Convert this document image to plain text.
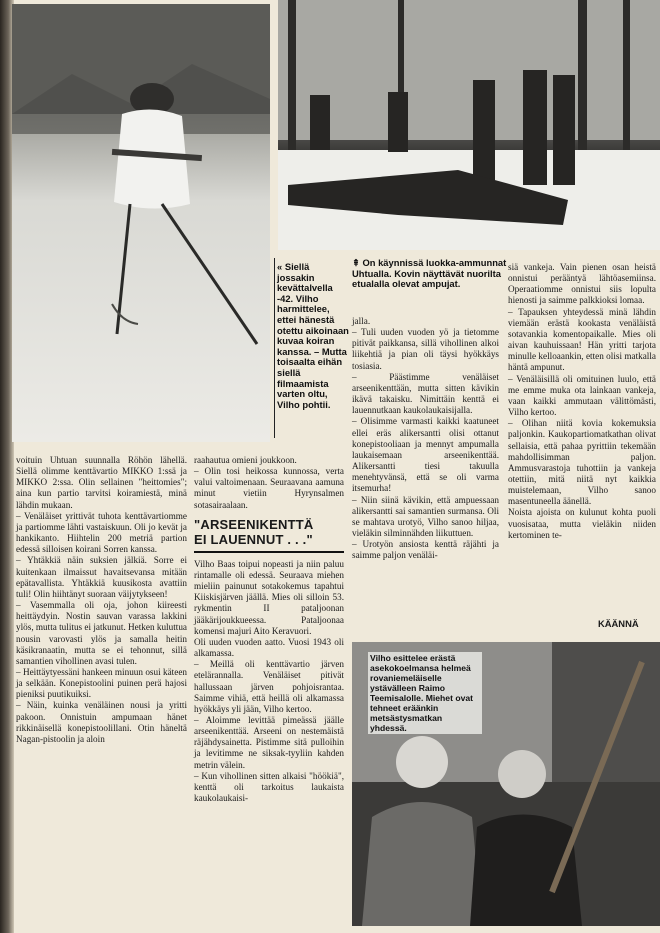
Vilho esittelee erästä asekokoelmansa helmeä rovaniemeläiselle ystävälleen Raimo Teemisalolle. Miehet ovat tehneet eräänkin metsästysmatkan yhdessä.
« Siellä jossakin kevättalvella -42. Vilho harmittelee, ettei hänestä otettu aikoinaan kuvaa koiran kanssa. – Mutta toisaalta eihän siellä filmaamista varten oltu, Vilho pohtii.
⇞ On käynnissä luokka-ammunnat Uhtualla. Kovin näyttävät nuorilta etualalla olevat ampujat.

voituin Uhtuan suunnalla Röhön lähellä. Siellä olimme kenttävartio MIKKO 1:ssä ja MIKKO 2:ssa. Olin sellainen "heittomies"; aina kun partio tarvitsi koiramiestä, minä lähdin mukaan.

– Venäläiset yrittivät tuhota kenttävartiomme ja partiomme lähti vastaiskuun. Oli jo kevät ja hankikanto. Hiihtelin 200 metriä partion edessä silloisen koirani Sorren kanssa.

– Yhtäkkiä näin suksien jälkiä. Sorre ei kuitenkaan ilmaissut havaitsevansa mitään epätavallista. Yhtäkkiä kuusikosta avattiin tuli! Olin hiihtänyt suoraan väijytykseen!

– Vasemmalla oli oja, johon kiireesti heittäydyin. Nostin sauvan varassa lakkini ylös, mutta tulitus ei jatkunut. Hetken kuluttua nousin varovasti ylös ja samalla heitin käsikranaatin, mutta se ei tehonnut, sillä samantien vihollinen avasi tulen.

– Heittäytyessäni hankeen minuun osui käteen ja selkään. Konepistoolini puinen perä hajosi pieniksi puutikuiksi.

– Näin, kuinka venäläinen nousi ja yritti pakoon. Onnistuin ampumaan hänet rikkinäisellä konepistoolillani. Otin häneltä Nagan-pistoolin ja aloin

raahautua omieni joukkoon.

– Olin tosi heikossa kunnossa, verta valui valtoimenaan. Seuraavana aamuna minut vietiin Hyrynsalmen sotasairaalaan.

"ARSEENIKENTTÄ
EI LAUENNUT . . ."

Vilho Baas toipui nopeasti ja niin paluu rintamalle oli edessä. Seuraava miehen mieliin painunut sotakokemus tapahtui Kiiskisjärven jäällä. Mies oli silloin 53. rykmentin II pataljoonan jääkärijoukkueessa. Pataljoonaa komensi majuri Aito Keravuori.

Oli uuden vuoden aatto. Vuosi 1943 oli alkamassa.

– Meillä oli kenttävartio järven etelärannalla. Venäläiset pitivät hallussaan järven pohjoisrantaa. Saimme vihiä, että heillä oli alkamassa hyökkäys yli jään, Vilho kertoo.

– Aloimme levittää pimeässä jäälle arseenikenttää. Arseeni on nestemäistä räjähdysainetta. Pistimme sitä pulloihin ja levitimme ne siksak-tyyliin kahden metrin välein.

– Kun vihollinen sitten alkaisi "höökiä", kenttä oli tarkoitus laukaista kaukolaukaisi-

jalla.

– Tuli uuden vuoden yö ja tietomme pitivät paikkansa, sillä vihollinen alkoi liikehtiä ja pian oli täysi hyökkäys tosiasia.

– Päästimme venäläiset arseenikenttään, mutta sitten kävikin ikävä takaisku. Nimittäin kenttä ei lauennutkaan kaukolaukaisijalla.

– Olisimme varmasti kaikki kaatuneet ellei eräs alikersantti olisi ottanut konepistooliaan ja mennyt ampumalla laukaisemaan arseenikenttää. Alikersantti tiesi takuulla menehtyvänsä, että se oli varma itsemurha!

– Niin siinä kävikin, että ampuessaan alikersantti sai samantien surmansa. Oli se mahtava urotyö, Vilho sanoo hiljaa, vieläkin silminnähden liikuttuen.

– Urotyön ansiosta kenttä räjähti ja saimme paljon venäläi-

siä vankeja. Vain pienen osan heistä onnistui perääntyä lähtöasemiinsa. Operaatiomme onnistui siis lopulta hienosti ja saimme palkkioksi lomaa.

– Tapauksen yhteydessä minä lähdin viemään erästä kookasta venäläistä sotavankia komentopaikalle. Mies oli aivan kauhuissaan! Hän yritti tarjota minulle kelloaankin, etten olisi matkalla häntä ampunut.

– Venäläisillä oli omituinen luulo, että me emme muka ota lainkaan vankeja, vaan kaikki ammutaan välittömästi, Vilho kertoo.

– Olihan niitä kovia kokemuksia paljonkin. Kaukopartiomatkathan olivat sellaisia, että pahaa pyrittiin tekemään mahdollisimman paljon. Ammusvarastoja tuhottiin ja vankeja otettiin, mitä niitä nyt kaikkia muistelemaan, Vilho sanoo masentuneella äänellä.

Noista ajoista on kulunut kohta puoli vuosisataa, mutta vieläkin niiden kertominen te-

KÄÄNNÄ
